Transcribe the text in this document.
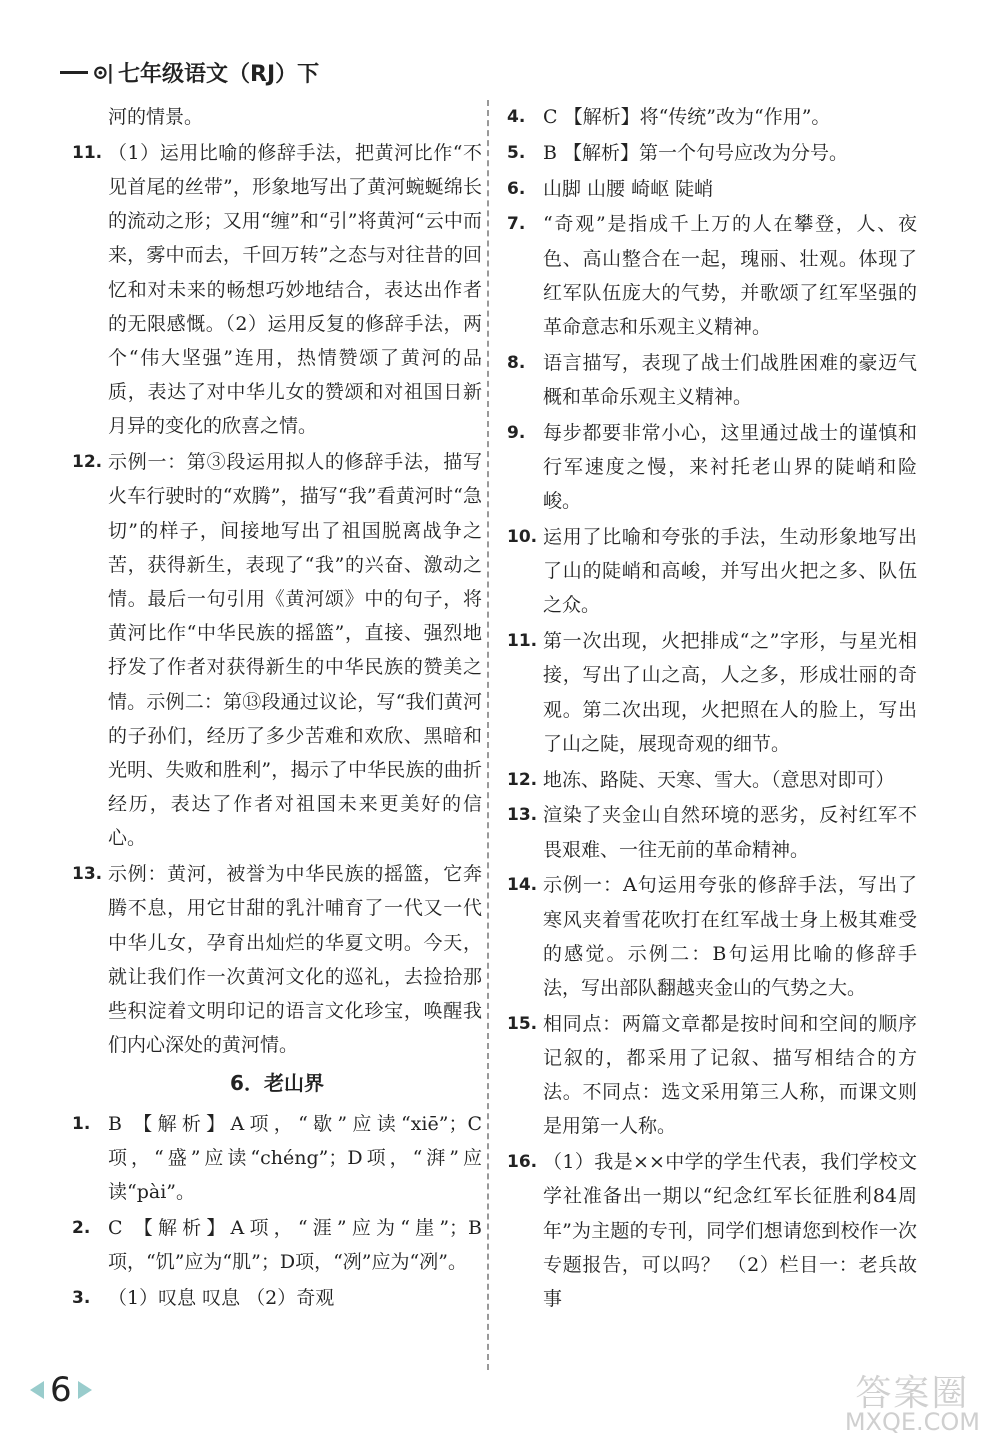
⊙| 七年级语文（RJ）下
河的情景。
11. （1）运用比喻的修辞手法，把黄河比作“不见首尾的丝带”，形象地写出了黄河蜿蜒绵长的流动之形；又用“缠”和“引”将黄河“云中而来，雾中而去，千回万转”之态与对往昔的回忆和对未来的畅想巧妙地结合，表达出作者的无限感慨。（2）运用反复的修辞手法，两个“伟大坚强”连用，热情赞颂了黄河的品质，表达了对中华儿女的赞颂和对祖国日新月异的变化的欣喜之情。
12. 示例一：第③段运用拟人的修辞手法，描写火车行驶时的“欢腾”，描写“我”看黄河时“急切”的样子，间接地写出了祖国脱离战争之苦，获得新生，表现了“我”的兴奋、激动之情。最后一句引用《黄河颂》中的句子，将黄河比作“中华民族的摇篮”，直接、强烈地抒发了作者对获得新生的中华民族的赞美之情。示例二：第⑬段通过议论，写“我们黄河的子孙们，经历了多少苦难和欢欣、黑暗和光明、失败和胜利”，揭示了中华民族的曲折经历，表达了作者对祖国未来更美好的信心。
13. 示例：黄河，被誉为中华民族的摇篮，它奔腾不息，用它甘甜的乳汁哺育了一代又一代中华儿女，孕育出灿烂的华夏文明。今天，就让我们作一次黄河文化的巡礼，去捡拾那些积淀着文明印记的语言文化珍宝，唤醒我们内心深处的黄河情。
6．老山界
1. B 【解析】A项，“歇”应读“xiē”；C项，“盛”应读“chéng”；D项，“湃”应读“pài”。
2. C 【解析】A项，“涯”应为“崖”；B项，“饥”应为“肌”；D项，“冽”应为“冽”。
3. （1）叹息 叹息 （2）奇观
4. C 【解析】将“传统”改为“作用”。
5. B 【解析】第一个句号应改为分号。
6. 山脚 山腰 崎岖 陡峭
7. “奇观”是指成千上万的人在攀登，人、夜色、高山整合在一起，瑰丽、壮观。体现了红军队伍庞大的气势，并歌颂了红军坚强的革命意志和乐观主义精神。
8. 语言描写，表现了战士们战胜困难的豪迈气概和革命乐观主义精神。
9. 每步都要非常小心，这里通过战士的谨慎和行军速度之慢，来衬托老山界的陡峭和险峻。
10. 运用了比喻和夸张的手法，生动形象地写出了山的陡峭和高峻，并写出火把之多、队伍之众。
11. 第一次出现，火把排成“之”字形，与星光相接，写出了山之高，人之多，形成壮丽的奇观。第二次出现，火把照在人的脸上，写出了山之陡，展现奇观的细节。
12. 地冻、路陡、天寒、雪大。（意思对即可）
13. 渲染了夹金山自然环境的恶劣，反衬红军不畏艰难、一往无前的革命精神。
14. 示例一：A句运用夸张的修辞手法，写出了寒风夹着雪花吹打在红军战士身上极其难受的感觉。示例二：B句运用比喻的修辞手法，写出部队翻越夹金山的气势之大。
15. 相同点：两篇文章都是按时间和空间的顺序记叙的，都采用了记叙、描写相结合的方法。不同点：选文采用第三人称，而课文则是用第一人称。
16. （1）我是××中学的学生代表，我们学校文学社准备出一期以“纪念红军长征胜利84周年”为主题的专刊，同学们想请您到校作一次专题报告，可以吗？ （2）栏目一：老兵故事
6	答案圈
MXQE.COM
